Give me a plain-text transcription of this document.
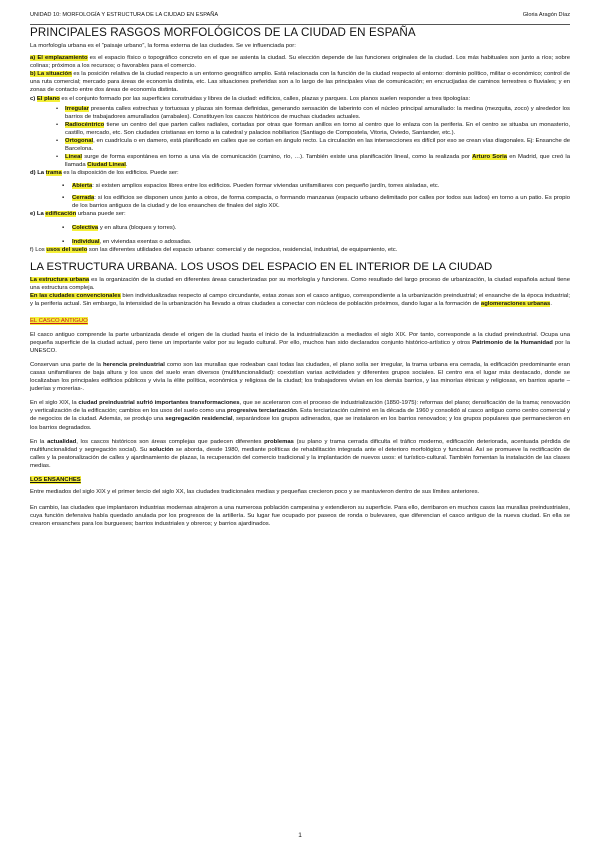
UNIDAD 10: MORFOLOGÍA Y ESTRUCTURA DE LA CIUDAD EN ESPAÑA	Gloria Aragón Díaz
PRINCIPALES RASGOS MORFOLÓGICOS DE LA CIUDAD EN ESPAÑA

La morfología urbana es el “paisaje urbano”, la forma externa de las ciudades. Se ve influenciada por:

a) El emplazamiento es el espacio físico o topográfico concreto en el que se asienta la ciudad. Su elección depende de las funciones originales de la ciudad. Los más habituales son junto a ríos; sobre colinas; próximos a los recursos; o favorables para el comercio.

b) La situación es la posición relativa de la ciudad respecto a un entorno geográfico amplio. Está relacionada con la función de la ciudad respecto al entorno: dominio político, militar o económico; control de una ruta comercial; mercado para áreas de economía distinta, etc. Las situaciones preferidas son a lo largo de las principales vías de comunicación; en encrucijadas de caminos terrestres o fluviales; y en zonas de contacto entre dos áreas de economía distinta.

c) El plano es el conjunto formado por las superficies construidas y libres de la ciudad: edificios, calles, plazas y parques. Los planos suelen responder a tres tipologías:

• Irregular presenta calles estrechas y tortuosas y plazas sin formas definidas, generando sensación de laberinto con el núcleo principal amurallado: la medina (mezquita, zoco) y alrededor los barrios de trabajadores amurallados (arrabales). Constituyen los cascos históricos de muchas ciudades actuales.

• Radiocéntrico tiene un centro del que parten calles radiales, cortadas por otras que forman anillos en torno al centro que lo enlaza con la periferia. En el centro se situaba un monasterio, castillo, mercado, etc. Son ciudades cristianas en torno a la catedral y palacios nobiliarios (Santiago de Compostela, Vitoria, Oviedo, Santander, etc.).

• Ortogonal, en cuadrícula o en damero, está planificado en calles que se cortan en ángulo recto. La circulación en las intersecciones es difícil por eso se crean vías diagonales. Ej: Ensanche de Barcelona.

• Lineal surge de forma espontánea en torno a una vía de comunicación (camino, río, …). También existe una planificación lineal, como la realizada por Arturo Soria en Madrid, que creó la llamada Ciudad Lineal.

d) La trama es la disposición de los edificios. Puede ser:

▪ Abierta: si existen amplios espacios libres entre los edificios. Pueden formar viviendas unifamiliares con pequeño jardín, torres aisladas, etc.

▪ Cerrada: si los edificios se disponen unos junto a otros, de forma compacta, o formando manzanas (espacio urbano delimitado por calles por todos sus lados) en torno a un patio. Es propio de los barrios antiguos de la ciudad y de los ensanches de finales del siglo XIX.

e) La edificación urbana puede ser:

▪ Colectiva y en altura (bloques y torres).

▪ Individual, en viviendas exentas o adosadas.

f) Los usos del suelo son las diferentes utilidades del espacio urbano: comercial y de negocios, residencial, industrial, de equipamiento, etc.

LA ESTRUCTURA URBANA. LOS USOS DEL ESPACIO EN EL INTERIOR DE LA CIUDAD

La estructura urbana es la organización de la ciudad en diferentes áreas caracterizadas por su morfología y funciones. Como resultado del largo proceso de urbanización, la ciudad española actual tiene una estructura compleja.

En las ciudades convencionales bien individualizadas respecto al campo circundante, estas zonas son el casco antiguo, correspondiente a la urbanización preindustrial; el ensanche de la época industrial; y la periferia actual. Sin embargo, la intensidad de la urbanización ha llevado a otras ciudades a conectar con núcleos de población próximos, dando lugar a la formación de aglomeraciones urbanas.

EL CASCO ANTIGUO

El casco antiguo comprende la parte urbanizada desde el origen de la ciudad hasta el inicio de la industrialización a mediados el siglo XIX. Por tanto, corresponde a la ciudad preindustrial. Ocupa una pequeña superficie de la ciudad actual, pero tiene un importante valor por su legado cultural. Por ello, muchos han sido declarados conjunto histórico-artístico y otros Patrimonio de la Humanidad por la UNESCO.

Conservan una parte de la herencia preindustrial como son las murallas que rodeaban casi todas las ciudades, el plano solía ser irregular, la trama urbana era cerrada, la edificación predominante eran casas unifamiliares de baja altura y los usos del suelo eran diversos (multifuncionalidad): coexistían varias actividades y diferentes grupos sociales. El centro era el lugar más destacado, donde se localizaban los principales edificios públicos y vivía la élite política, económica y religiosa de la ciudad; los trabajadores vivían en los demás barrios, y las minorías étnicas y religiosas, en barrios aparte – juderías y morerías-.

En el siglo XIX, la ciudad preindustrial sufrió importantes transformaciones, que se aceleraron con el proceso de industrialización (1850-1975): reformas del plano; densificación de la trama; renovación y verticalización de la edificación; cambios en los usos del suelo como una progresiva terciarización. Esta terciarización culminó en la década de 1960 y consolidó al casco antiguo como centro comercial y de negocios de la ciudad. Además, se produjo una segregación residencial, separándose los grupos adinerados, que se instalaron en los barrios renovados; y los grupos populares que permanecieron en los barrios degradados.

En la actualidad, los cascos históricos son áreas complejas que padecen diferentes problemas (su plano y trama cerrada dificulta el tráfico moderno, edificación deteriorada, acentuada pérdida de multifuncionalidad y segregación social). Su solución se aborda, desde 1980, mediante políticas de rehabilitación integrada ante el deterioro morfológico y funcional. Así se promueve la rectificación de calles y la peatonalización de calles y ajardinamiento de plazas, la recuperación del comercio tradicional y la implantación de nuevos usos: el turístico-cultural. También fomentan la instalación de las clases medias.

LOS ENSANCHES

Entre mediados del siglo XIX y el primer tercio del siglo XX, las ciudades tradicionales medias y pequeñas crecieron poco y se mantuvieron dentro de sus límites anteriores.

En cambio, las ciudades que implantaron industrias modernas atrajeron a una numerosa población campesina y extendieron su superficie. Para ello, derribaron en muchos casos las murallas preindustriales, cuya función defensiva había quedado anulada por los progresos de la artillería. Su lugar fue ocupado por paseos de ronda o bulevares, que diferencian el casco antiguo de la nueva ciudad. En ella se crearon ensanches para los burgueses; barrios industriales y obreros; y barrios ajardinados.

1
